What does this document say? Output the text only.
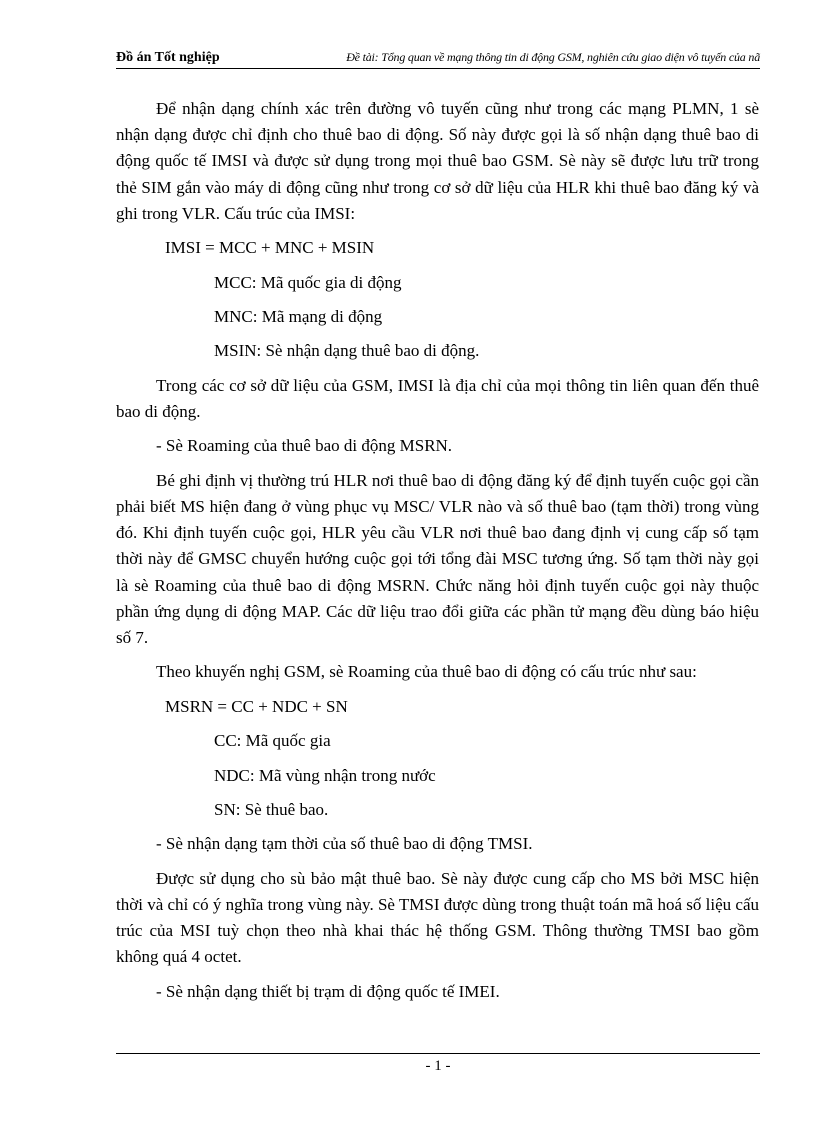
Đồ án Tốt nghiệp	Đề tài: Tổng quan về mạng thông tin di động GSM, nghiên cứu giao diện vô tuyến của nã

Để nhận dạng chính xác trên đường vô tuyến cũng như trong các mạng PLMN, 1 sè nhận dạng được chỉ định cho thuê bao di động. Số này được gọi là số nhận dạng thuê bao di động quốc tế IMSI và được sử dụng trong mọi thuê bao GSM. Sè này sẽ được lưu trữ trong thẻ SIM gắn vào máy di động cũng như trong cơ sở dữ liệu của HLR khi thuê bao đăng ký và ghi trong VLR. Cấu trúc của IMSI:

IMSI = MCC + MNC + MSIN

MCC: Mã quốc gia di động

MNC: Mã mạng di động

MSIN: Sè nhận dạng thuê bao di động.

Trong các cơ sở dữ liệu của GSM, IMSI là địa chỉ của mọi thông tin liên quan đến thuê bao di động.

- Sè Roaming của thuê bao di động MSRN.

Bé ghi định vị thường trú HLR nơi thuê bao di động đăng ký để định tuyến cuộc gọi cần phải biết MS hiện đang ở vùng phục vụ MSC/ VLR nào và số thuê bao (tạm thời) trong vùng đó. Khi định tuyến cuộc gọi, HLR yêu cầu VLR nơi thuê bao đang định vị cung cấp số tạm thời này để GMSC chuyển hướng cuộc gọi tới tổng đài MSC tương ứng. Số tạm thời này gọi là sè Roaming của thuê bao di động MSRN. Chức năng hỏi định tuyến cuộc gọi này thuộc phần ứng dụng di động MAP. Các dữ liệu trao đổi giữa các phần tử mạng đều dùng báo hiệu số 7.

Theo khuyến nghị GSM, sè Roaming của thuê bao di động có cấu trúc như sau:

MSRN = CC + NDC + SN

CC: Mã quốc gia

NDC: Mã vùng nhận trong nước

SN: Sè thuê bao.

- Sè nhận dạng tạm thời của số thuê bao di động TMSI.

Được sử dụng cho sù bảo mật thuê bao. Sè này được cung cấp cho MS bởi MSC hiện thời và chỉ có ý nghĩa trong vùng này. Sè TMSI được dùng trong thuật toán mã hoá số liệu cấu trúc của MSI tuỳ chọn theo nhà khai thác hệ thống GSM. Thông thường TMSI bao gồm không quá 4 octet.

- Sè nhận dạng thiết bị trạm di động quốc tế IMEI.

- 1 -
